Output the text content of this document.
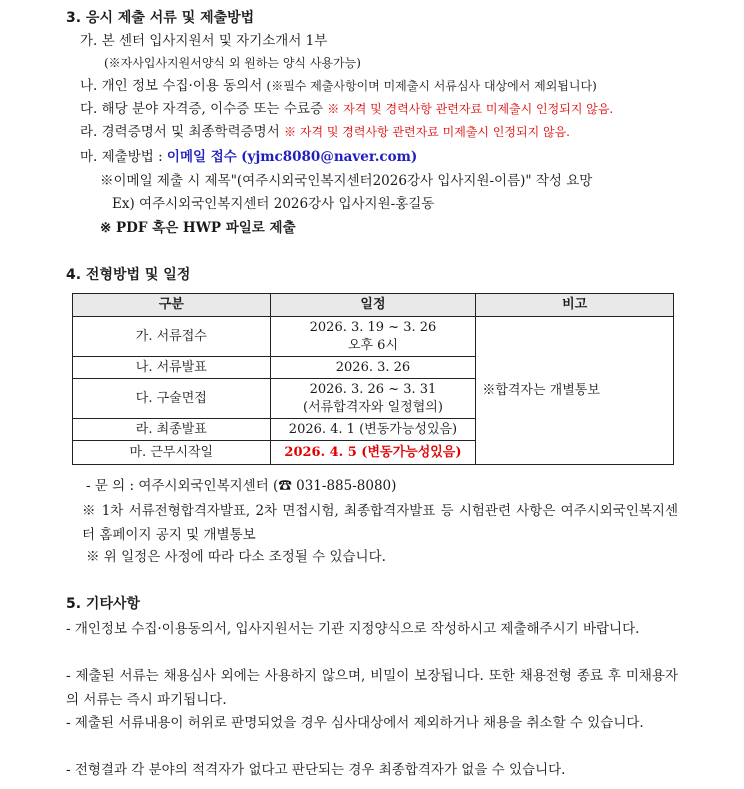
3. 응시 제출 서류 및 제출방법
가. 본 센터 입사지원서 및 자기소개서 1부
(※자사입사지원서양식 외 원하는 양식 사용가능)
나. 개인 정보 수집·이용 동의서 (※필수 제출사항이며 미제출시 서류심사 대상에서 제외됩니다)
다. 해당 분야 자격증, 이수증 또는 수료증 ※ 자격 및 경력사항 관련자료 미제출시 인정되지 않음.
라. 경력증명서 및 최종학력증명서 ※ 자격 및 경력사항 관련자료 미제출시 인정되지 않음.
마. 제출방법 : 이메일 접수 (yjmc8080@naver.com)
※이메일 제출 시 제목"(여주시외국인복지센터2026강사 입사지원-이름)" 작성 요망
Ex) 여주시외국인복지센터 2026강사 입사지원-홍길동
※ PDF 혹은 HWP 파일로 제출
4. 전형방법 및 일정
구분	일정	비고
가. 서류접수	2026. 3. 19 ~ 3. 26
오후 6시	※합격자는 개별통보
나. 서류발표	2026. 3. 26	
다. 구술면접	2026. 3. 26 ~ 3. 31
(서류합격자와 일정협의)	

라. 최종발표	2026. 4. 1 (변동가능성있음)	
마. 근무시작일	2026. 4. 5 (변동가능성있음)	
- 문 의 : 여주시외국인복지센터 (☎ 031-885-8080)
※ 1차 서류전형합격자발표, 2차 면접시험, 최종합격자발표 등 시험관련 사항은 여주시외국인복지센터 홈페이지 공지 및 개별통보
※ 위 일정은 사정에 따라 다소 조정될 수 있습니다.
5. 기타사항
- 개인정보 수집·이용동의서, 입사지원서는 기관 지정양식으로 작성하시고 제출해주시기 바랍니다.
- 제출된 서류는 채용심사 외에는 사용하지 않으며, 비밀이 보장됩니다. 또한 채용전형 종료 후 미채용자의 서류는 즉시 파기됩니다.
- 제출된 서류내용이 허위로 판명되었을 경우 심사대상에서 제외하거나 채용을 취소할 수 있습니다.
- 전형결과 각 분야의 적격자가 없다고 판단되는 경우 최종합격자가 없을 수 있습니다.
